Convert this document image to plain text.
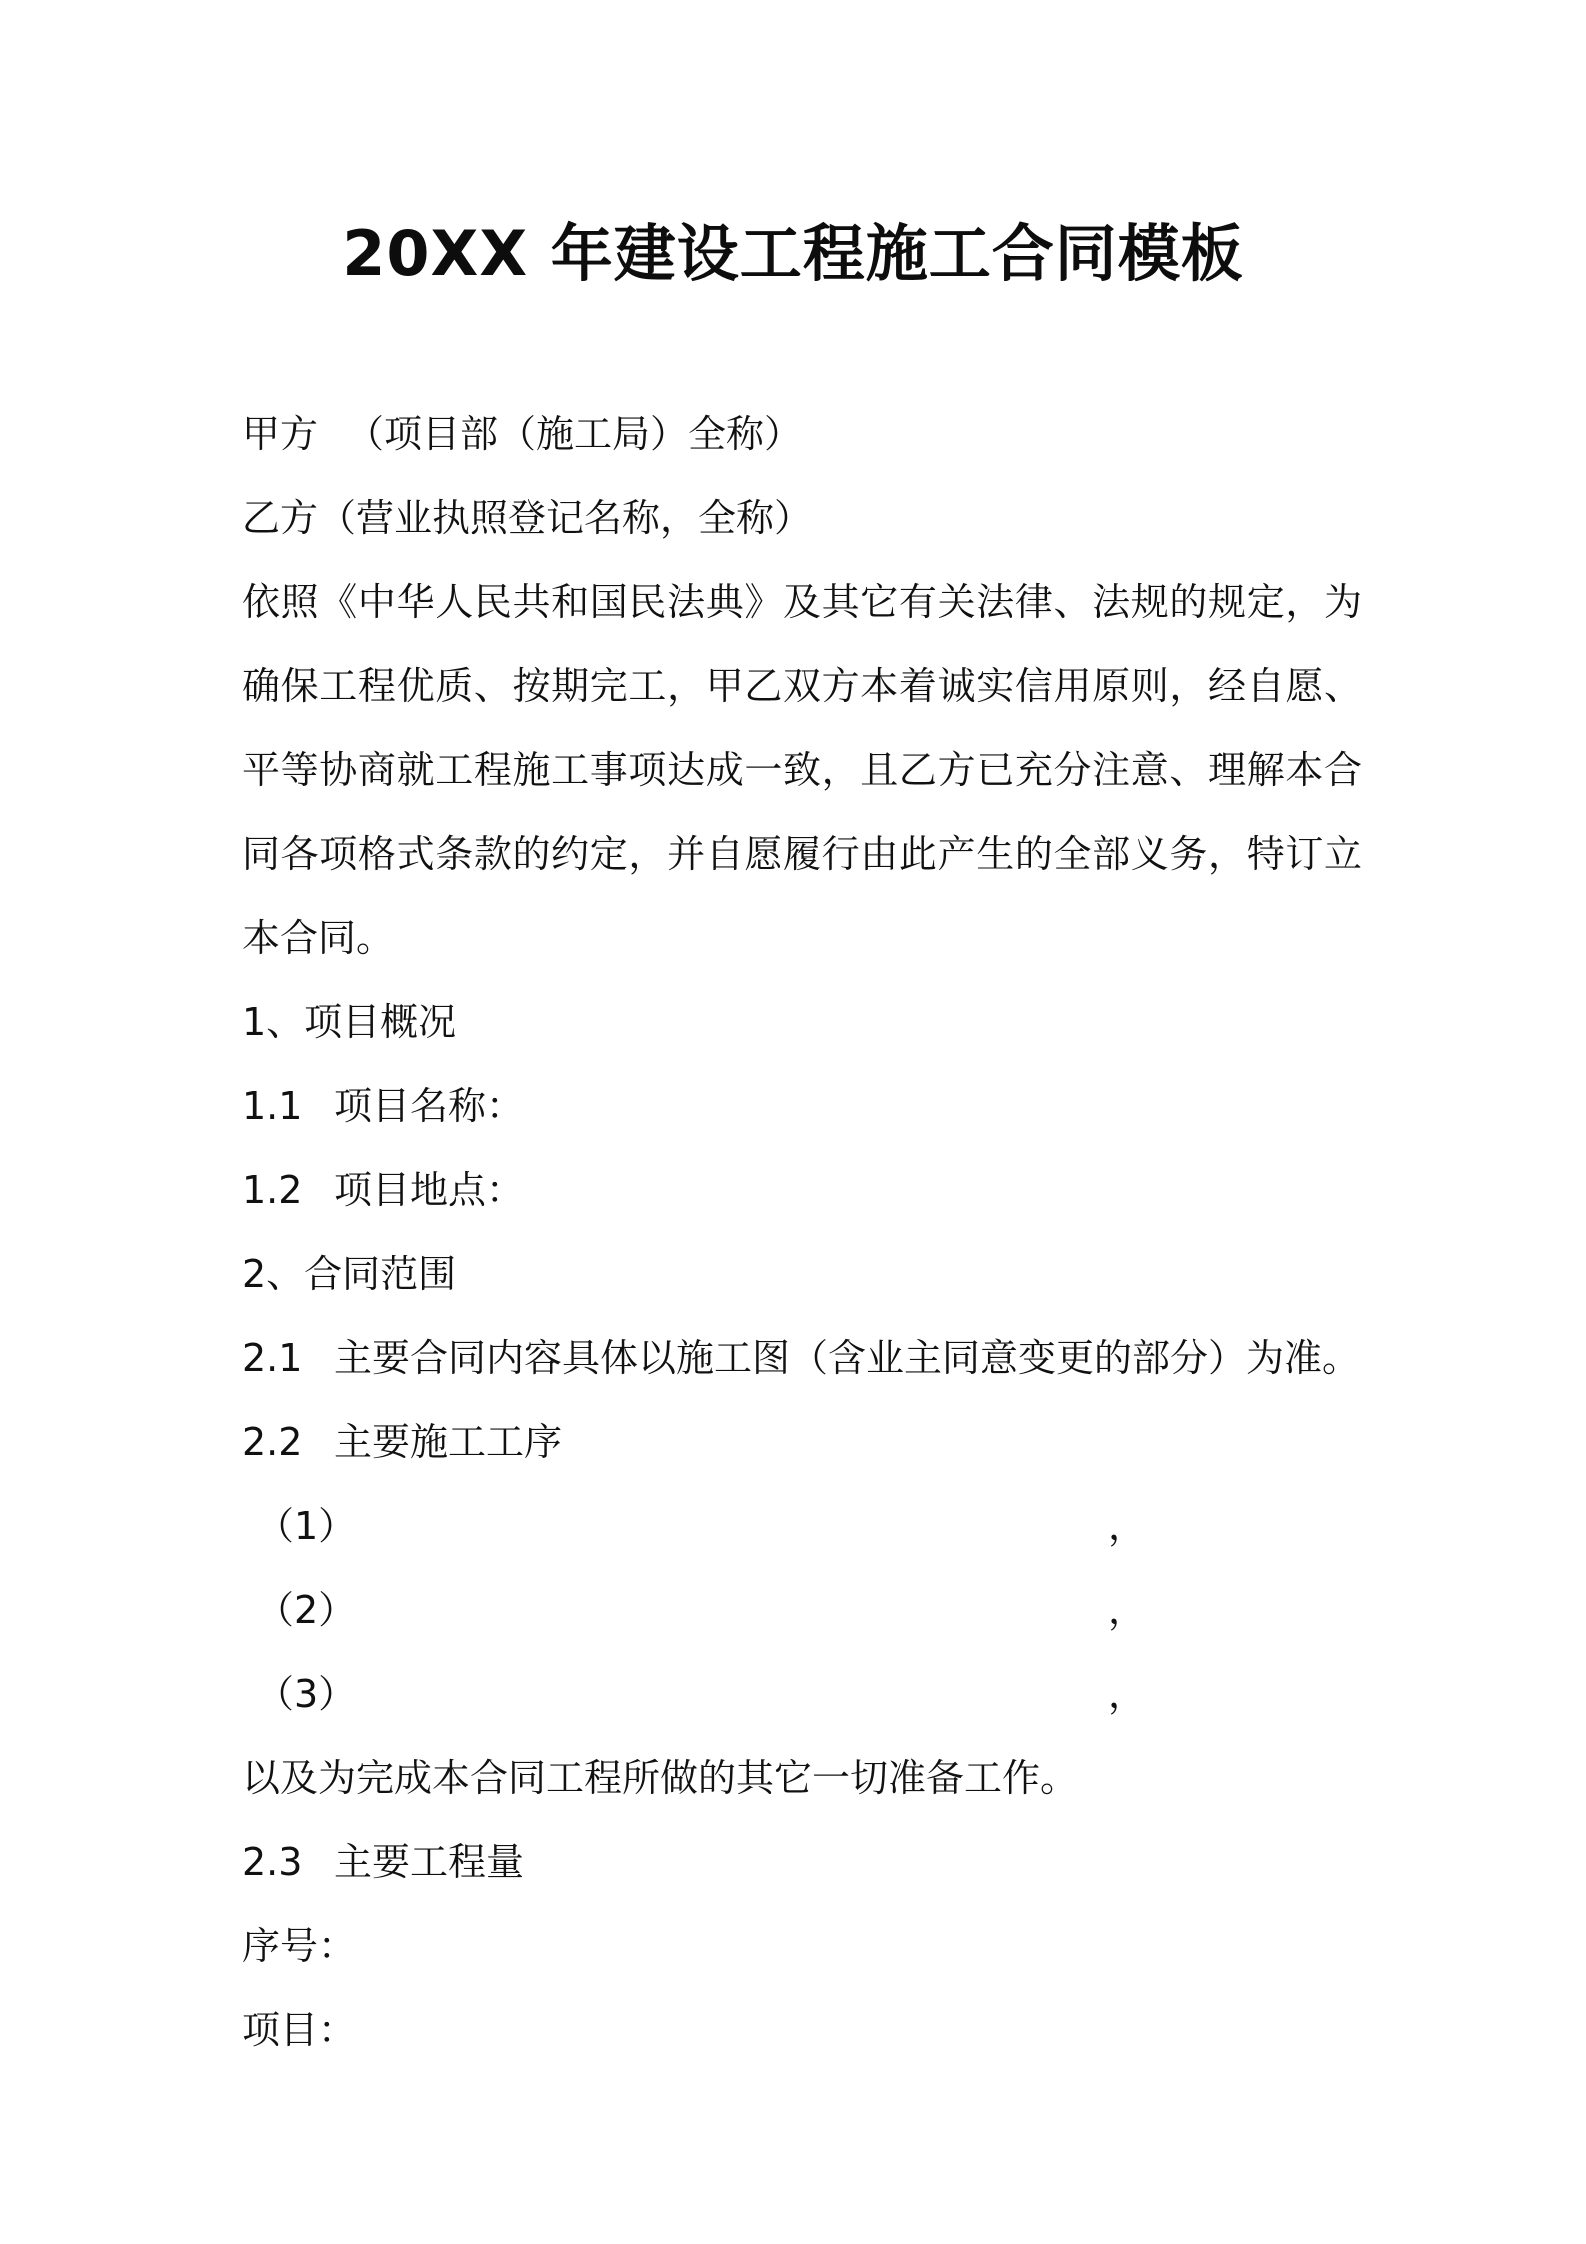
20XX 年建设工程施工合同模板
甲方 （项目部（施工局）全称）
乙方（营业执照登记名称，全称）
依照《中华人民共和国民法典》及其它有关法律、法规的规定，为确保工程优质、按期完工，甲乙双方本着诚实信用原则，经自愿、平等协商就工程施工事项达成一致，且乙方已充分注意、理解本合同各项格式条款的约定，并自愿履行由此产生的全部义务，特订立本合同。
1、项目概况
1.1 项目名称：
1.2 项目地点：
2、合同范围
2.1 主要合同内容具体以施工图（含业主同意变更的部分）为准。
2.2 主要施工工序
（1）	，
（2）	，
（3）	，
以及为完成本合同工程所做的其它一切准备工作。
2.3 主要工程量
序号：
项目：
